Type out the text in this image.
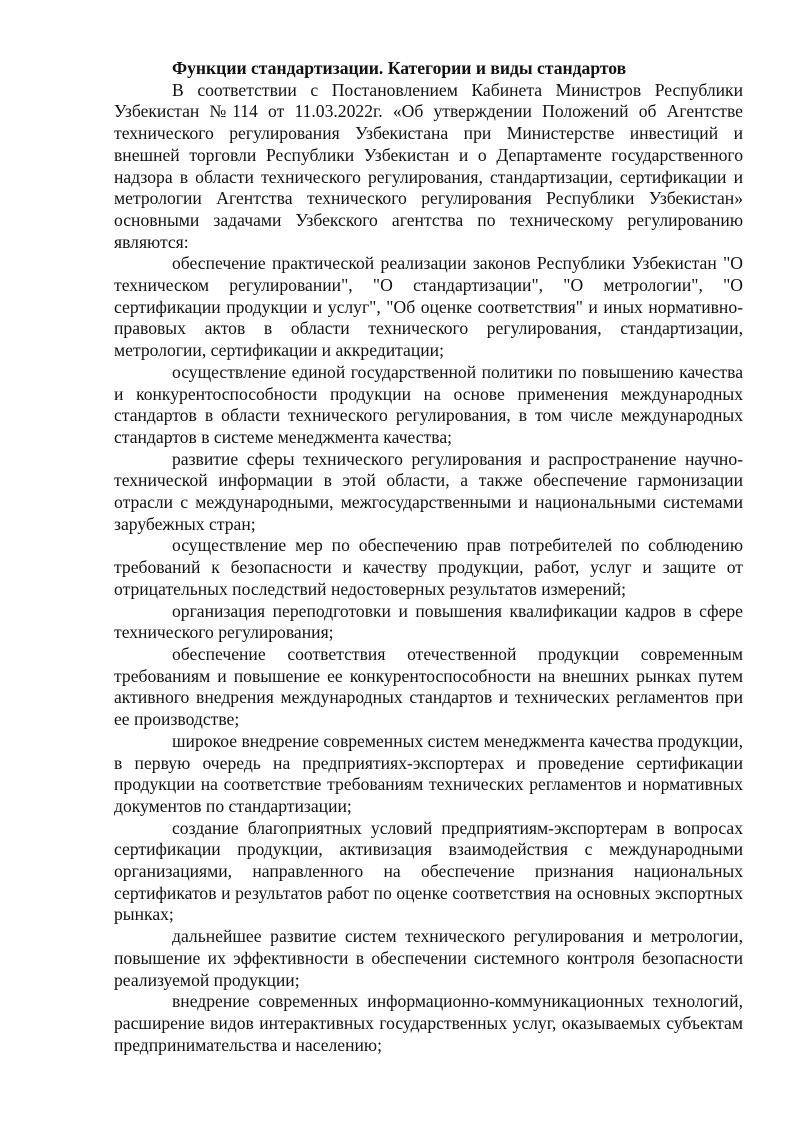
Функции стандартизации. Категории и виды стандартов

В соответствии с Постановлением Кабинета Министров Республики Узбекистан №114 от 11.03.2022г. «Об утверждении Положений об Агентстве технического регулирования Узбекистана при Министерстве инвестиций и внешней торговли Республики Узбекистан и о Департаменте государственного надзора в области технического регулирования, стандартизации, сертификации и метрологии Агентства технического регулирования Республики Узбекистан» основными задачами Узбекского агентства по техническому регулированию являются:

обеспечение практической реализации законов Республики Узбекистан "О техническом регулировании", "О стандартизации", "О метрологии", "О сертификации продукции и услуг", "Об оценке соответствия" и иных нормативно-правовых актов в области технического регулирования, стандартизации, метрологии, сертификации и аккредитации;

осуществление единой государственной политики по повышению качества и конкурентоспособности продукции на основе применения международных стандартов в области технического регулирования, в том числе международных стандартов в системе менеджмента качества;

развитие сферы технического регулирования и распространение научно-технической информации в этой области, а также обеспечение гармонизации отрасли с международными, межгосударственными и национальными системами зарубежных стран;

осуществление мер по обеспечению прав потребителей по соблюдению требований к безопасности и качеству продукции, работ, услуг и защите от отрицательных последствий недостоверных результатов измерений;

организация переподготовки и повышения квалификации кадров в сфере технического регулирования;

обеспечение соответствия отечественной продукции современным требованиям и повышение ее конкурентоспособности на внешних рынках путем активного внедрения международных стандартов и технических регламентов при ее производстве;

широкое внедрение современных систем менеджмента качества продукции, в первую очередь на предприятиях-экспортерах и проведение сертификации продукции на соответствие требованиям технических регламентов и нормативных документов по стандартизации;

создание благоприятных условий предприятиям-экспортерам в вопросах сертификации продукции, активизация взаимодействия с международными организациями, направленного на обеспечение признания национальных сертификатов и результатов работ по оценке соответствия на основных экспортных рынках;

дальнейшее развитие систем технического регулирования и метрологии, повышение их эффективности в обеспечении системного контроля безопасности реализуемой продукции;

внедрение современных информационно-коммуникационных технологий, расширение видов интерактивных государственных услуг, оказываемых субъектам предпринимательства и населению;
